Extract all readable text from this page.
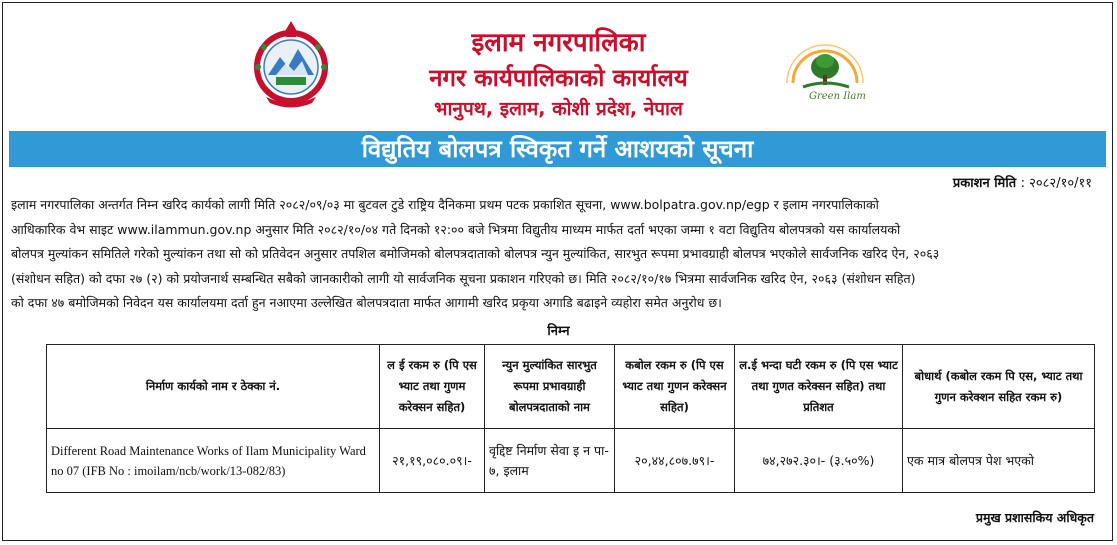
इलाम नगरपालिका
नगर कार्यपालिकाको कार्यालय
भानुपथ, इलाम, कोशी प्रदेश, नेपाल
Green Ilam
विद्युतिय बोलपत्र स्विकृत गर्ने आशयको सूचना
प्रकाशन मिति : २०८२/१०/११
इलाम नगरपालिका अन्तर्गत निम्न खरिद कार्यको लागी मिति २०८२/०९/०३ मा बुटवल टुडे राष्ट्रिय दैनिकमा प्रथम पटक प्रकाशित सूचना, www.bolpatra.gov.np/egp र इलाम नगरपालिकाको
आधिकारिक वेभ साइट www.ilammun.gov.np अनुसार मिति २०८२/१०/०४ गते दिनको १२:०० बजे भित्रमा विद्युतीय माध्यम मार्फत दर्ता भएका जम्मा १ वटा विद्युतिय बोलपत्रको यस कार्यालयको
बोलपत्र मुल्यांकन समितिले गरेको मुल्यांकन तथा सो को प्रतिवेदन अनुसार तपशिल बमोजिमको बोलपत्रदाताको बोलपत्र न्युन मुल्यांकित, सारभुत रूपमा प्रभावग्राही बोलपत्र भएकोले सार्वजनिक खरिद ऐन, २०६३
(संशोधन सहित) को दफा २७ (२) को प्रयोजनार्थ सम्बन्धित सबैको जानकारीको लागी यो सार्वजनिक सूचना प्रकाशन गरिएको छ। मिति २०८२/१०/१७ भित्रमा सार्वजनिक खरिद ऐन, २०६३ (संशोधन सहित)
को दफा ४७ बमोजिमको निवेदन यस कार्यालयमा दर्ता हुन नआएमा उल्लेखित बोलपत्रदाता मार्फत आगामी खरिद प्रकृया अगाडि बढाइने व्यहोरा समेत अनुरोध छ।
निम्न
निर्माण कार्यको नाम र ठेक्का नं.	ल ई रकम रु (पि एस भ्याट तथा गुणम करेक्सन सहित)	न्युन मुल्यांकित सारभुत रूपमा प्रभावग्राही बोलपत्रदाताको नाम	कबोल रकम रु (पि एस भ्याट तथा गुणन करेक्सन सहित)	ल.ई भन्दा घटी रकम रु (पि एस भ्याट तथा गुणत करेक्सन सहित) तथा प्रतिशत	बोधार्थ (कबोल रकम पि एस, भ्याट तथा गुणन करेक्शन सहित रकम रु)
Different Road Maintenance Works of Ilam Municipality Ward no 07 (IFB No : imoilam/ncb/work/13-082/83)	२१,१९,०८०.०९।-	वृद्दिष्ट निर्माण सेवा इ न पा- ७, इलाम	२०,४४,८०७.७९।-	७४,२७२.३०।- (३.५०%)	एक मात्र बोलपत्र पेश भएको
प्रमुख प्रशासकिय अधिकृत
